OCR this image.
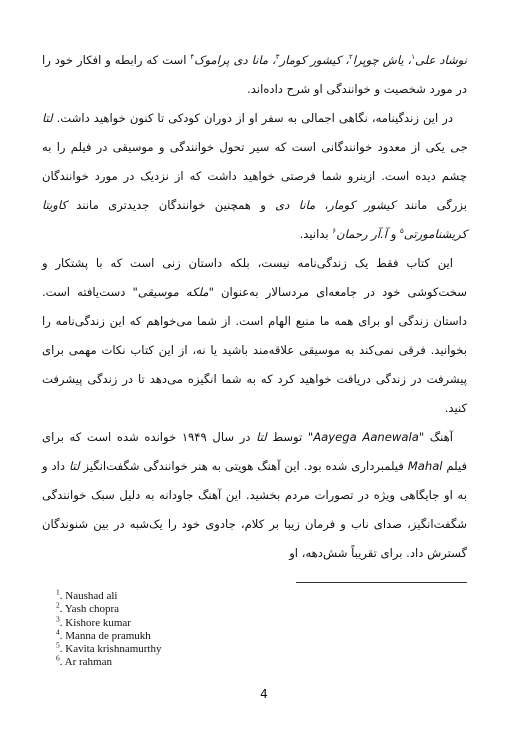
نوشاد علی$^۱$، یاش چوپرا$^۲$، کیشور کومار$^۳$، مانا دی پرامو‌ک$^۴$ است که رابطه و افکار خود را در مورد شخصیت و خوانندگی او شرح داده‌اند.

در این زندگینامه، نگاهی اجمالی به سفر او از دوران کودکی تا کنون خواهید داشت. لتا جی یکی از معدود خوانندگانی است که سیر تحول خوانندگی و موسیقی در فیلم را به چشم دیده است. ازینرو شما فرصتی خواهید داشت که از نزدیک در مورد خوانندگان بزرگی مانند کیشور کومار، مانا دی و همچنین خوانندگان جدیدتری مانند کاویتا کریشنامورتی$^۵$ و آ.آر رحمان$^۶$ بدانید.

این کتاب فقط یک زندگی‌نامه نیست، بلکه داستان زنی است که با پشتکار و سخت‌کوشی خود در جامعه‌ای مردسالار به‌عنوان "ملکه موسیقی" دست‌یافته است. داستان زندگی او برای همه ما منبع الهام است. از شما می‌خواهم که این زندگی‌نامه را بخوانید. فرقی نمی‌کند به موسیقی علاقه‌مند باشید یا نه، از این کتاب نکات مهمی برای پیشرفت در زندگی دریافت خواهید کرد که به شما انگیزه می‌دهد تا در زندگی پیشرفت کنید.

آهنگ "Aayega Aanewala" توسط لتا در سال ۱۹۴۹ خوانده شده است که برای فیلم Mahal فیلمبرداری شده بود. این آهنگ هویتی به هنر خوانندگی شگفت‌انگیز لتا داد و به او جایگاهی ویژه در تصورات مردم بخشید. این آهنگ جاودانه به دلیل سبک خوانندگی شگفت‌انگیز، صدای ناب و فرمان زیبا بر کلام، جادوی خود را یک‌شبه در بین شنوندگان گسترش داد. برای تقریباً شش‌دهه، او

$^1$. Naushad ali
$^2$. Yash chopra
$^3$. Kishore kumar
$^4$. Manna de pramukh
$^5$. Kavita krishnamurthy
$^6$. Ar rahman
4
